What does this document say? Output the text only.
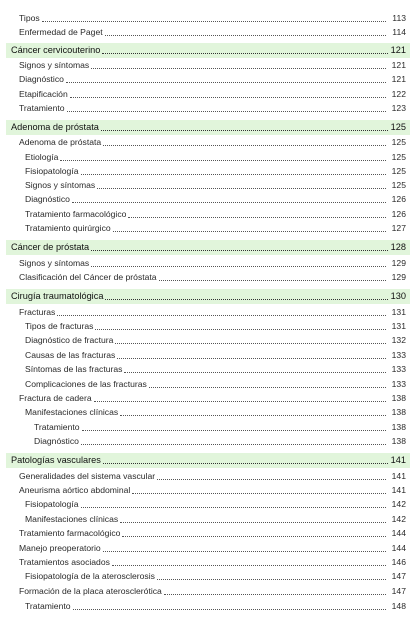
Tipos	113
Enfermedad de Paget	114
Cáncer cervicouterino	121
Signos y síntomas	121
Diagnóstico	121
Etapificación	122
Tratamiento	123
Adenoma de próstata	125
Adenoma de próstata	125
Etiología	125
Fisiopatología	125
Signos y síntomas	125
Diagnóstico	126
Tratamiento farmacológico	126
Tratamiento quirúrgico	127
Cáncer de próstata	128
Signos y síntomas	129
Clasificación del Cáncer de próstata	129
Cirugía traumatológica	130
Fracturas	131
Tipos de fracturas	131
Diagnóstico de fractura	132
Causas de las fracturas	133
Síntomas de las fracturas	133
Complicaciones de las fracturas	133
Fractura de cadera	138
Manifestaciones clínicas	138
Tratamiento	138
Diagnóstico	138
Patologías vasculares	141
Generalidades del sistema vascular	141
Aneurisma aórtico abdominal	141
Fisiopatología	142
Manifestaciones clínicas	142
Tratamiento farmacológico	144
Manejo preoperatorio	144
Tratamientos asociados	146
Fisiopatología de la aterosclerosis	147
Formación de la placa aterosclerótica	147
Tratamiento	148
